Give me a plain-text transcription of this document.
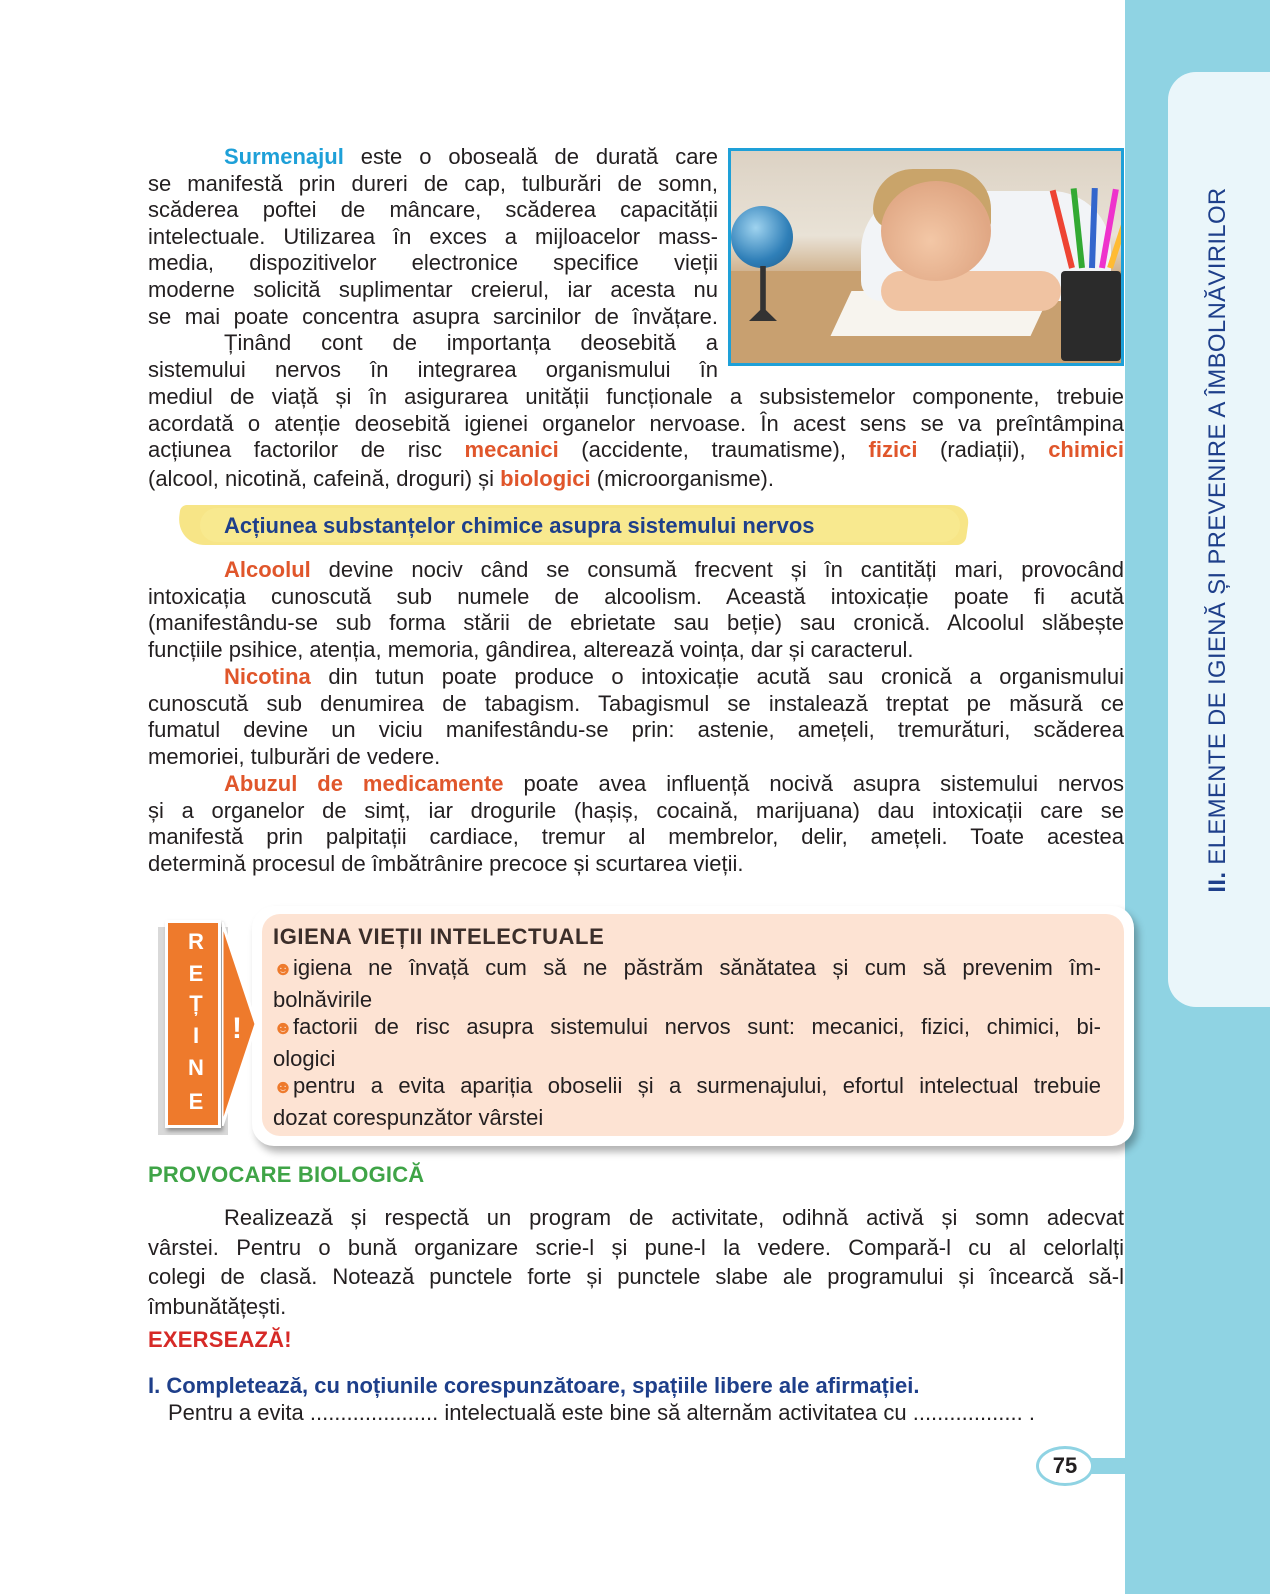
II. ELEMENTE DE IGIENĂ ȘI PREVENIRE A ÎMBOLNĂVIRILOR
Surmenajul este o oboseală de durată care
se manifestă prin dureri de cap, tulburări de somn,
scăderea poftei de mâncare, scăderea capacității
intelectuale. Utilizarea în exces a mijloacelor mass-
media, dispozitivelor electronice specifice vieții
moderne solicită suplimentar creierul, iar acesta nu
se mai poate concentra asupra sarcinilor de învățare.
Ținând cont de importanța deosebită a
sistemului nervos în integrarea organismului în
mediul de viață și în asigurarea unității funcționale a subsistemelor componente, trebuie
acordată o atenție deosebită igienei organelor nervoase. În acest sens se va preîntâmpina
acțiunea factorilor de risc mecanici (accidente, traumatisme), fizici (radiații), chimici
(alcool, nicotină, cafeină, droguri) și biologici (microorganisme).
Acțiunea substanțelor chimice asupra sistemului nervos
Alcoolul devine nociv când se consumă frecvent și în cantități mari, provocând
intoxicația cunoscută sub numele de alcoolism. Această intoxicație poate fi acută
(manifestându-se sub forma stării de ebrietate sau beție) sau cronică. Alcoolul slăbește
funcțiile psihice, atenția, memoria, gândirea, alterează voința, dar și caracterul.
Nicotina din tutun poate produce o intoxicație acută sau cronică a organismului
cunoscută sub denumirea de tabagism. Tabagismul se instalează treptat pe măsură ce
fumatul devine un viciu manifestându-se prin: astenie, amețeli, tremurături, scăderea
memoriei, tulburări de vedere.
Abuzul de medicamente poate avea influență nocivă asupra sistemului nervos
și a organelor de simț, iar drogurile (hașiș, cocaină, marijuana) dau intoxicații care se
manifestă prin palpitații cardiace, tremur al membrelor, delir, amețeli. Toate acestea
determină procesul de îmbătrânire precoce și scurtarea vieții.
R
E
Ț
I
N
E
!
IGIENA VIEȚII INTELECTUALE
☻igiena ne învață cum să ne păstrăm sănătatea și cum să prevenim îm-
bolnăvirile
☻factorii de risc asupra sistemului nervos sunt: mecanici, fizici, chimici, bi-
ologici
☻pentru a evita apariția oboselii și a surmenajului, efortul intelectual trebuie
dozat corespunzător vârstei
PROVOCARE BIOLOGICĂ
Realizează și respectă un program de activitate, odihnă activă și somn adecvat
vârstei. Pentru o bună organizare scrie-l și pune-l la vedere. Compară-l cu al celorlalți
colegi de clasă. Notează punctele forte și punctele slabe ale programului și încearcă să-l
îmbunătățești.
EXERSEAZĂ!
I. Completează, cu noțiunile corespunzătoare, spațiile libere ale afirmației.
Pentru a evita ..................... intelectuală este bine să alternăm activitatea cu .................. .
75
